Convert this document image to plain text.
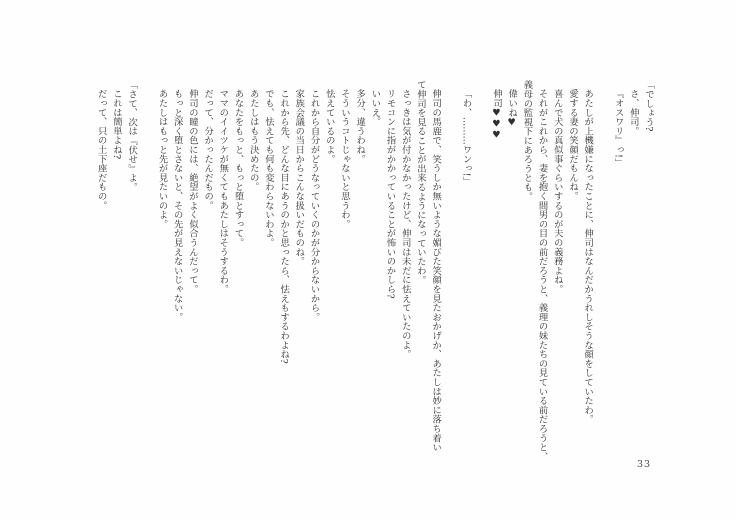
「でしょう?
さ、伸司。
『オスワリ』っ!」
​
あたしが上機嫌になったことに、伸司はなんだかうれしそうな顔をしていたわ。
愛する妻の笑顔だもんね。
喜んで犬の真似事ぐらいするのが夫の義務よね。
それがこれから、妻を抱く間男の目の前だろうと、義理の妹たちの見ている前だろうと、
義母の監視下にあろうとも。
偉いね♥
伸司♥♥♥
​
「わ、………ワンっ!」
​
伸司の馬鹿で、笑うしか無いような媚びた笑顔を見たおかげか、あたしは妙に落ち着い
て伸司を見ることが出来るようになっていたわ。
さっきは気が付かなかったけど、伸司は未だに怯えていたのよ。
リモコンに指がかかっていることが怖いのかしら?
いいえ。
多分、違うわね。
そういうコトじゃないと思うわ。
怯えているのよ。
これから自分がどうなっていくのかが分からないから。
家族会議の当日からこんな扱いだものね。
これから先、どんな目にあうのかと思ったら、怯えもするわよね?
でも、怯えても何も変わらないわよ。
あたしはもう決めたの。
あなたをもっと、もっと堕とすって。
ママのイイツケが無くてもあたしはそうするわ。
だって、分かったんだもの。
伸司の瞳の色には、絶望がよく似合うんだって。
もっと深く堕とさないと、その先が見えないじゃない。
あたしはもっと先が見たいのよ。
​
「さて、次は『伏せ』よ。
これは簡単よね?
だって、只の土下座だもの。
33
